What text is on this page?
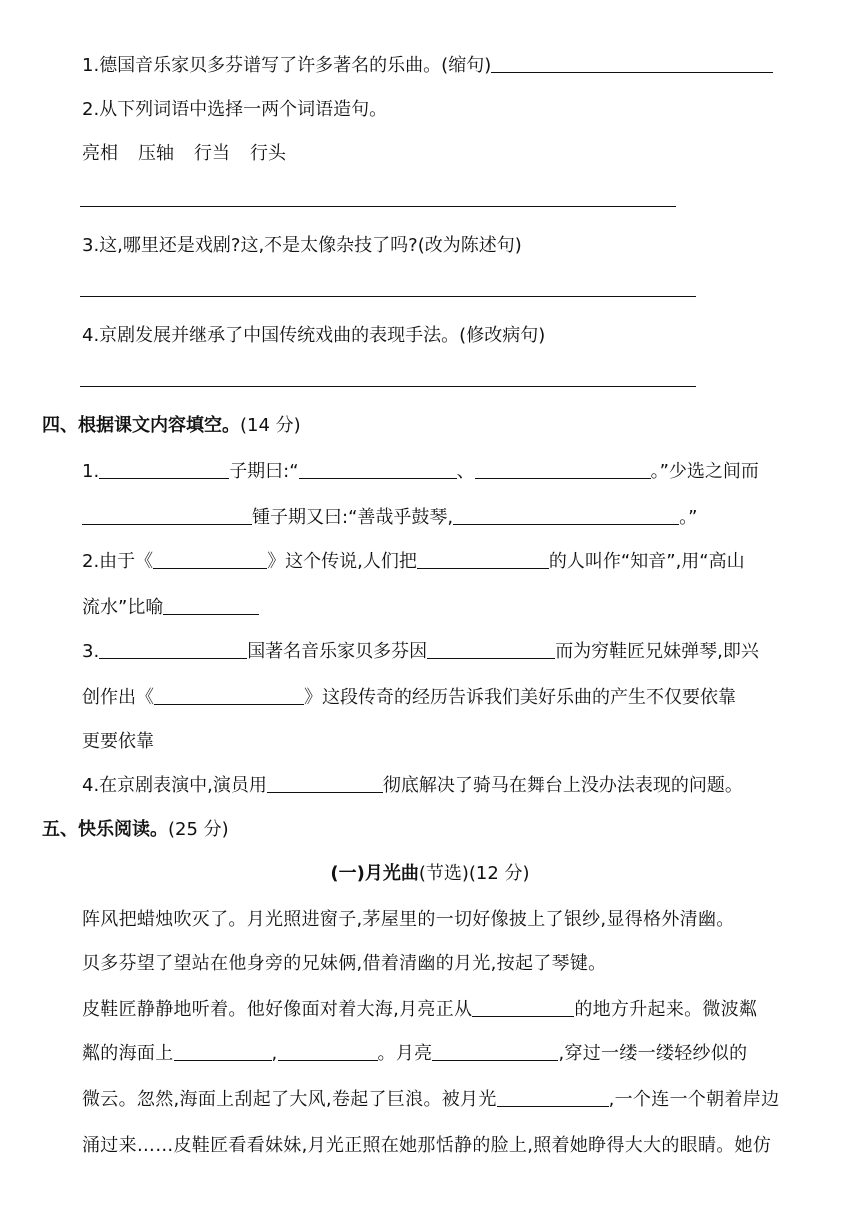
1.德国音乐家贝多芬谱写了许多著名的乐曲。(缩句)
2.从下列词语中选择一两个词语造句。
亮相 压轴 行当 行头
3.这,哪里还是戏剧?这,不是太像杂技了吗?(改为陈述句)
4.京剧发展并继承了中国传统戏曲的表现手法。(修改病句)
四、根据课文内容填空。(14 分)
1.	子期曰:“	、	。”少选之间而
锺子期又曰:“善哉乎鼓琴,	。”
2.由于《	》这个传说,人们把	的人叫作“知音”,用“高山
流水”比喻
3.	国著名音乐家贝多芬因	而为穷鞋匠兄妹弹琴,即兴
创作出《	》这段传奇的经历告诉我们美好乐曲的产生不仅要依靠
更要依靠
4.在京剧表演中,演员用	彻底解决了骑马在舞台上没办法表现的问题。
五、快乐阅读。(25 分)
(一)月光曲(节选)(12 分)
阵风把蜡烛吹灭了。月光照进窗子,茅屋里的一切好像披上了银纱,显得格外清幽。
贝多芬望了望站在他身旁的兄妹俩,借着清幽的月光,按起了琴键。
皮鞋匠静静地听着。他好像面对着大海,月亮正从	的地方升起来。微波粼
粼的海面上	,	。月亮	,穿过一缕一缕轻纱似的
微云。忽然,海面上刮起了大风,卷起了巨浪。被月光	,一个连一个朝着岸边
涌过来……皮鞋匠看看妹妹,月光正照在她那恬静的脸上,照着她睁得大大的眼睛。她仿
